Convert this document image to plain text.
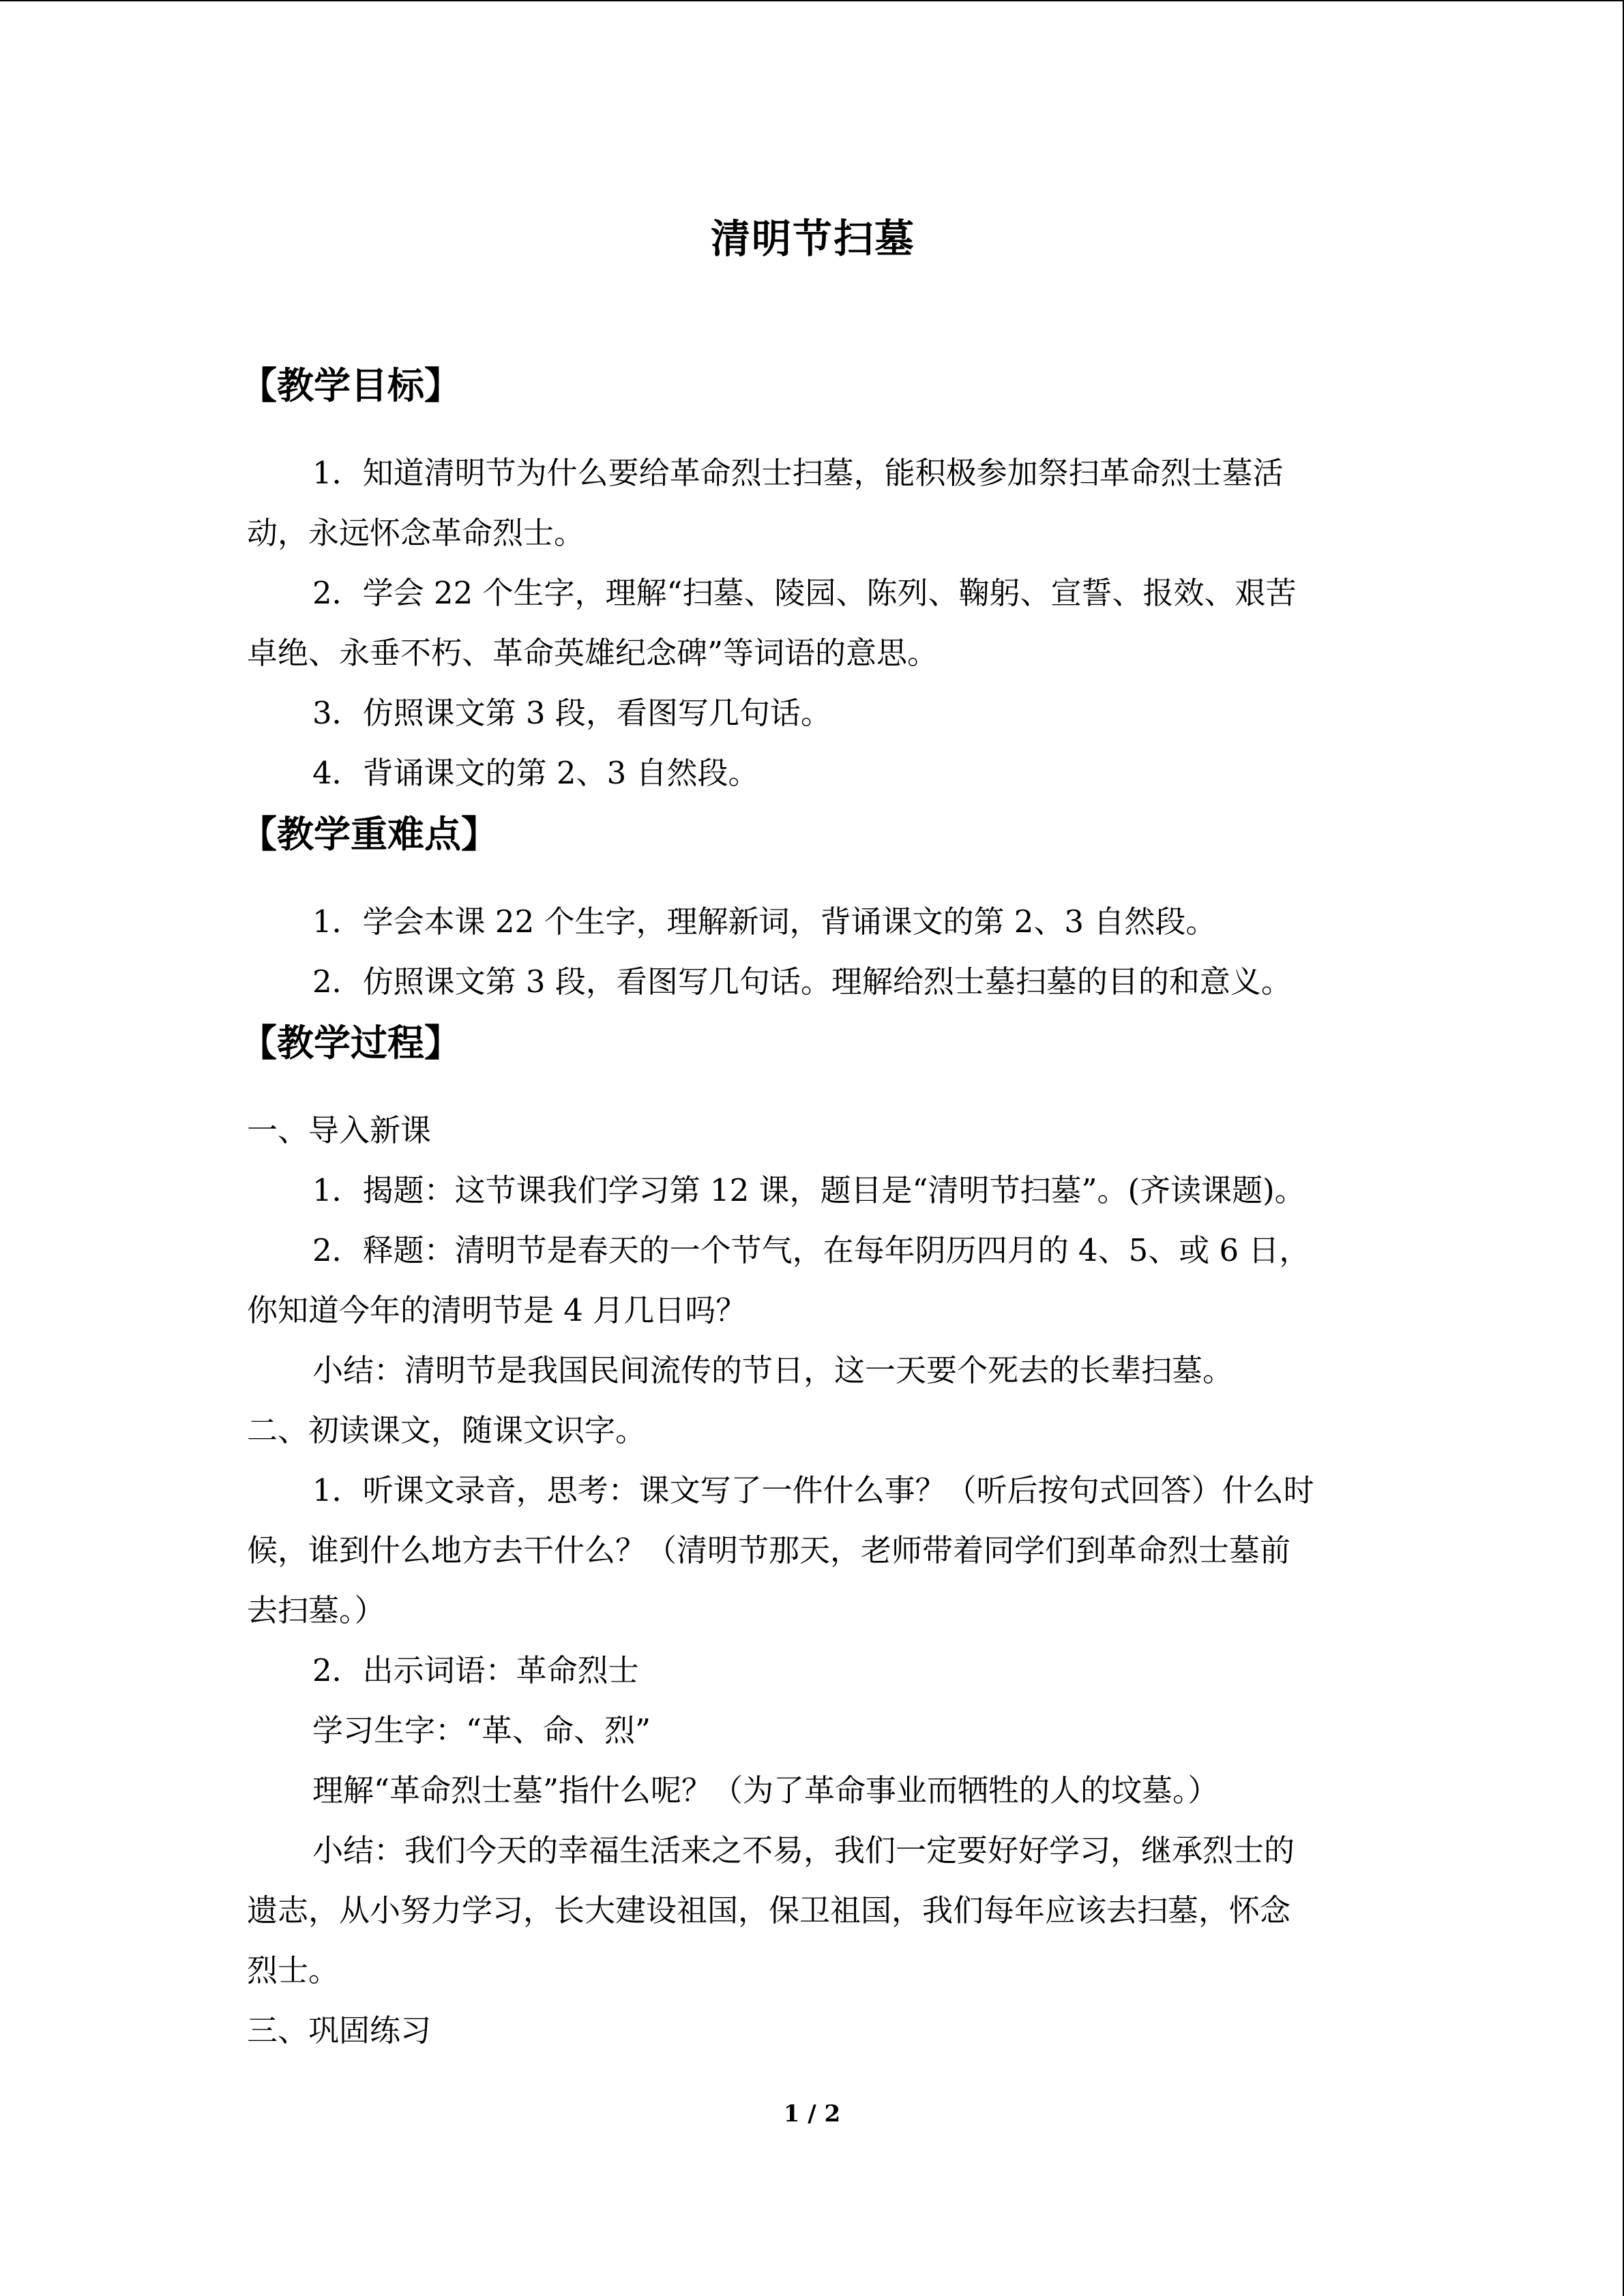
清明节扫墓
【教学目标】

1．知道清明节为什么要给革命烈士扫墓，能积极参加祭扫革命烈士墓活

动，永远怀念革命烈士。

2．学会 22 个生字，理解“扫墓、陵园、陈列、鞠躬、宣誓、报效、艰苦

卓绝、永垂不朽、革命英雄纪念碑”等词语的意思。

3．仿照课文第 3 段，看图写几句话。

4．背诵课文的第 2、3 自然段。

【教学重难点】

1．学会本课 22 个生字，理解新词，背诵课文的第 2、3 自然段。

2．仿照课文第 3 段，看图写几句话。理解给烈士墓扫墓的目的和意义。

【教学过程】

一、导入新课

1．揭题：这节课我们学习第 12 课，题目是“清明节扫墓”。(齐读课题)。

2．释题：清明节是春天的一个节气，在每年阴历四月的 4、5、或 6 日，

你知道今年的清明节是 4 月几日吗？

小结：清明节是我国民间流传的节日，这一天要个死去的长辈扫墓。

二、初读课文，随课文识字。

1．听课文录音，思考：课文写了一件什么事？（听后按句式回答）什么时

候，谁到什么地方去干什么？（清明节那天，老师带着同学们到革命烈士墓前

去扫墓。）

2．出示词语：革命烈士

学习生字：“革、命、烈”

理解“革命烈士墓”指什么呢？（为了革命事业而牺牲的人的坟墓。）

小结：我们今天的幸福生活来之不易，我们一定要好好学习，继承烈士的

遗志，从小努力学习，长大建设祖国，保卫祖国，我们每年应该去扫墓，怀念

烈士。

三、巩固练习

1 / 2
